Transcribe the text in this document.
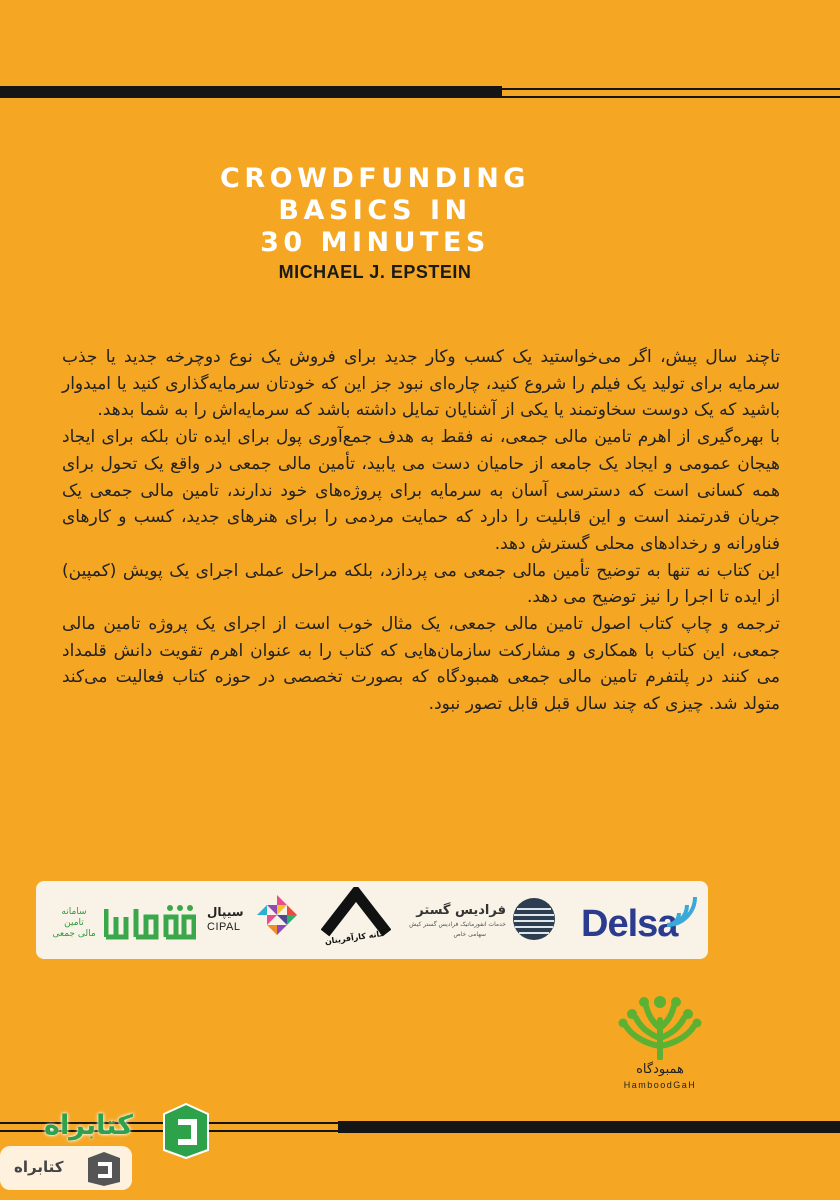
CROWDFUNDING
BASICS IN
30 MINUTES
MICHAEL J. EPSTEIN

تاچند سال پیش، اگر می‌خواستید یک کسب وکار جدید برای فروش یک نوع دوچرخه جدید یا جذب سرمایه برای تولید یک فیلم را شروع کنید، چاره‌ای نبود جز این که خودتان سرمایه‌گذاری کنید یا امیدوار باشید که یک دوست سخاوتمند یا یکی از آشنایان تمایل داشته باشد که سرمایه‌اش را به شما بدهد.

با بهره‌گیری از اهرم تامین مالی جمعی، نه فقط به هدف جمع‌آوری پول برای ایده تان بلکه برای ایجاد هیجان عمومی و ایجاد یک جامعه از حامیان دست می یابید، تأمین مالی جمعی در واقع یک تحول برای همه کسانی است که دسترسی آسان به سرمایه برای پروژه‌های خود ندارند، تامین مالی جمعی یک جریان قدرتمند است و این قابلیت را دارد که حمایت مردمی را برای هنرهای جدید، کسب و کارهای فناورانه و رخدادهای محلی گسترش دهد.

این کتاب نه تنها به توضیح تأمین مالی جمعی می پردازد، بلکه مراحل عملی اجرای یک پویش (کمپین) از ایده تا اجرا را نیز توضیح می دهد.

ترجمه و چاپ کتاب اصول تامین مالی جمعی، یک مثال خوب است از اجرای یک پروژه تامین مالی جمعی، این کتاب با همکاری و مشارکت سازمان‌هایی که کتاب را به عنوان اهرم تقویت دانش قلمداد می کنند در پلتفرم تامین مالی جمعی همبودگاه که بصورت تخصصی در حوزه کتاب فعالیت می‌کند متولد شد. چیزی که چند سال قبل قابل تصور نبود.

Delsa
فرادیس گستر
خدمات انفورماتیک فرادیس گستر کیش
سهامی خاص
خانه کارآفرینان
سیپال
CIPAL
سامانه
تامین
مالی جمعی
همبودگاه
HamboodGaH
کتابراه
کتابراه
